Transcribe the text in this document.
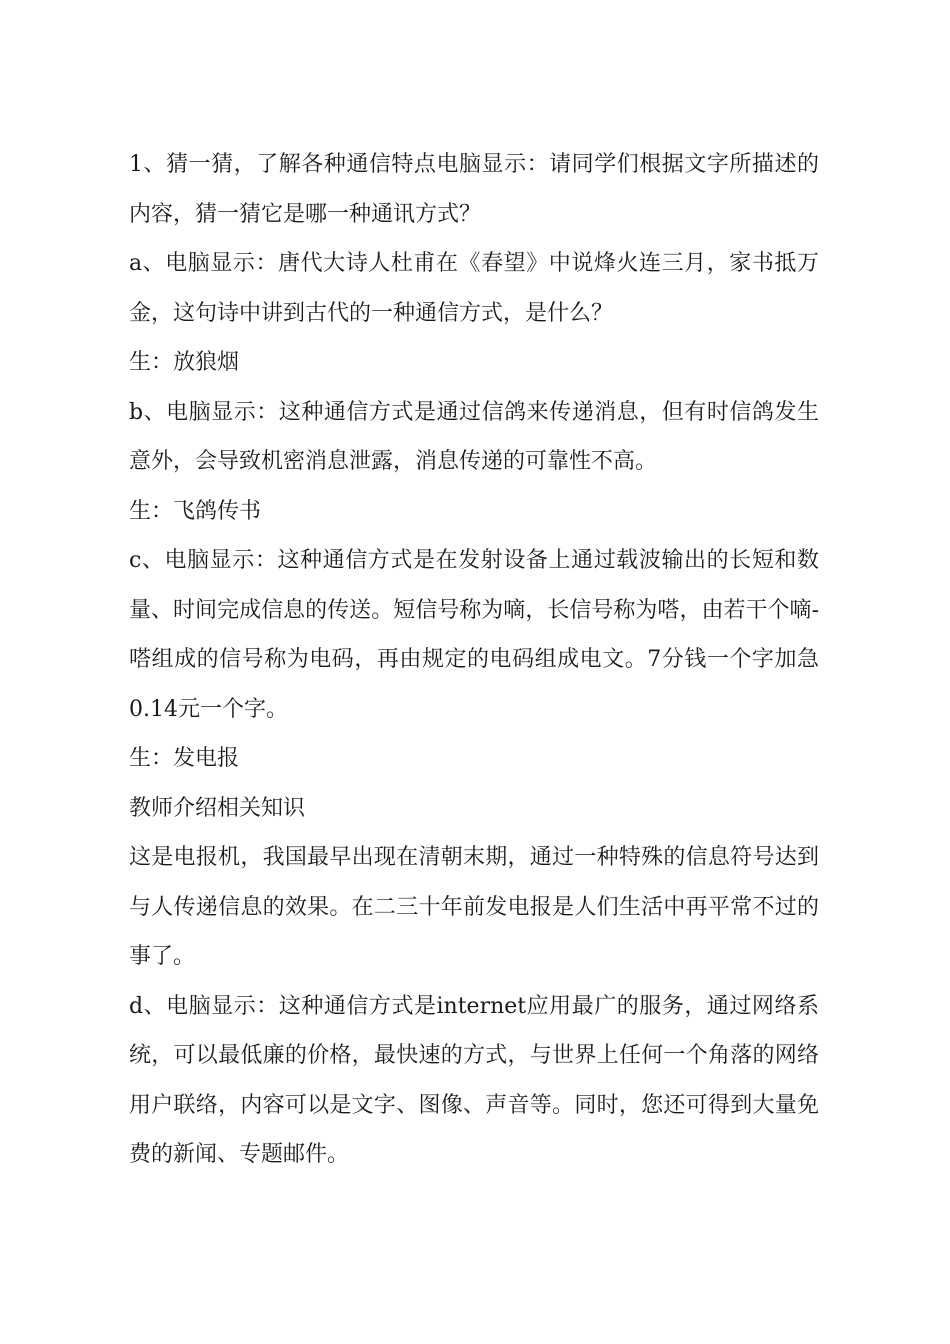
1、猜一猜，了解各种通信特点电脑显示：请同学们根据文字所描述的内容，猜一猜它是哪一种通讯方式？

a、电脑显示：唐代大诗人杜甫在《春望》中说烽火连三月，家书抵万金，这句诗中讲到古代的一种通信方式，是什么？

生：放狼烟

b、电脑显示：这种通信方式是通过信鸽来传递消息，但有时信鸽发生意外，会导致机密消息泄露，消息传递的可靠性不高。

生：飞鸽传书

c、电脑显示：这种通信方式是在发射设备上通过载波输出的长短和数量、时间完成信息的传送。短信号称为嘀，长信号称为嗒，由若干个嘀-嗒组成的信号称为电码，再由规定的电码组成电文。7分钱一个字加急0.14元一个字。

生：发电报

教师介绍相关知识

这是电报机，我国最早出现在清朝末期，通过一种特殊的信息符号达到与人传递信息的效果。在二三十年前发电报是人们生活中再平常不过的事了。

d、电脑显示：这种通信方式是internet应用最广的服务，通过网络系统，可以最低廉的价格，最快速的方式，与世界上任何一个角落的网络用户联络，内容可以是文字、图像、声音等。同时，您还可得到大量免费的新闻、专题邮件。
